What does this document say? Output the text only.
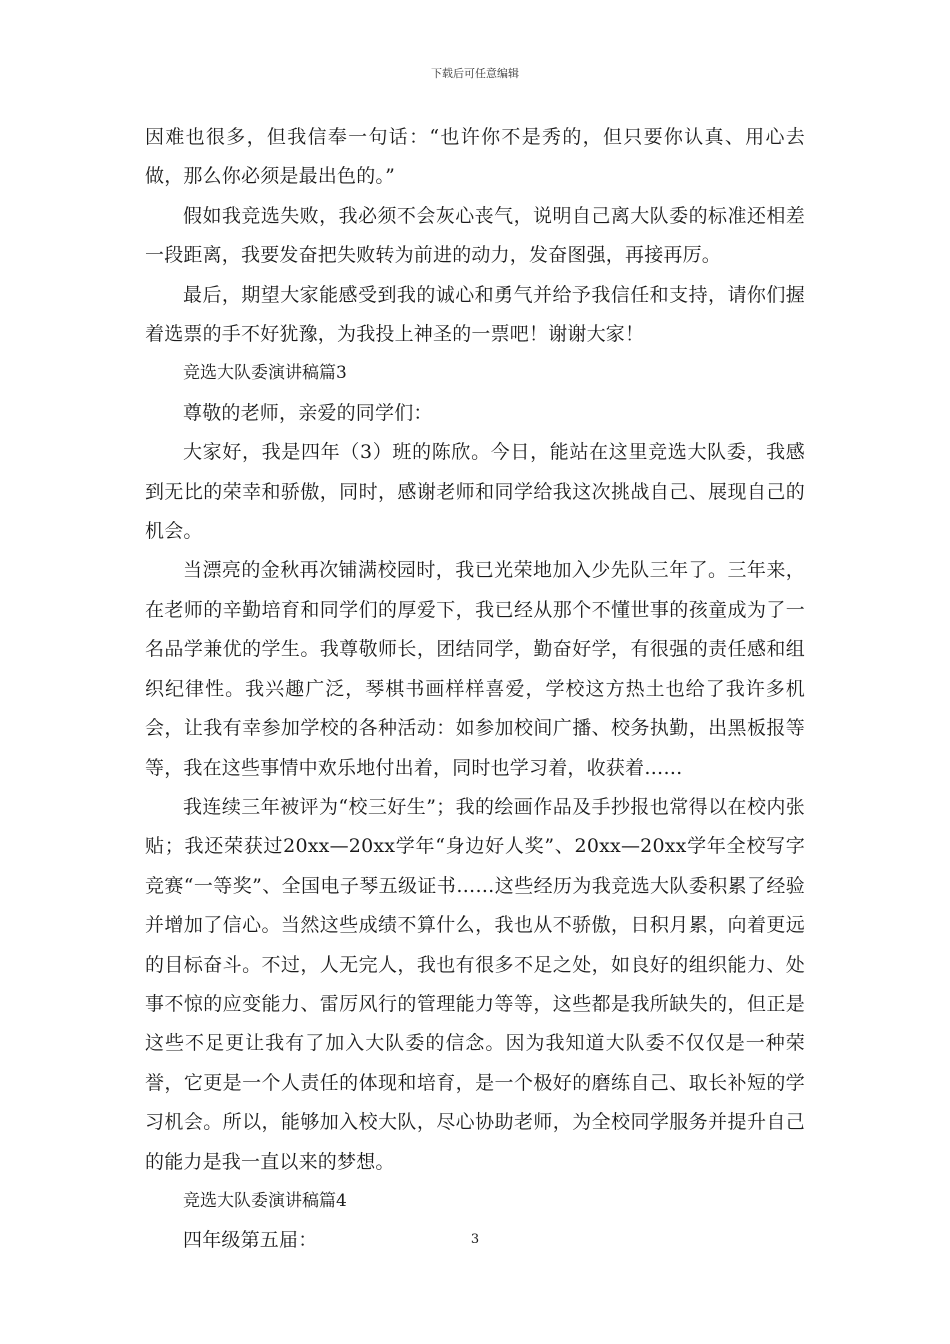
下载后可任意编辑

因难也很多，但我信奉一句话：“也许你不是秀的，但只要你认真、用心去做，那么你必须是最出色的。”

假如我竞选失败，我必须不会灰心丧气，说明自己离大队委的标准还相差一段距离，我要发奋把失败转为前进的动力，发奋图强，再接再厉。

最后，期望大家能感受到我的诚心和勇气并给予我信任和支持，请你们握着选票的手不好犹豫，为我投上神圣的一票吧！谢谢大家！

竞选大队委演讲稿篇3

尊敬的老师，亲爱的同学们：

大家好，我是四年（3）班的陈欣。今日，能站在这里竞选大队委，我感到无比的荣幸和骄傲，同时，感谢老师和同学给我这次挑战自己、展现自己的机会。

当漂亮的金秋再次铺满校园时，我已光荣地加入少先队三年了。三年来，在老师的辛勤培育和同学们的厚爱下，我已经从那个不懂世事的孩童成为了一名品学兼优的学生。我尊敬师长，团结同学，勤奋好学，有很强的责任感和组织纪律性。我兴趣广泛，琴棋书画样样喜爱，学校这方热土也给了我许多机会，让我有幸参加学校的各种活动：如参加校间广播、校务执勤，出黑板报等等，我在这些事情中欢乐地付出着，同时也学习着，收获着……

我连续三年被评为“校三好生”；我的绘画作品及手抄报也常得以在校内张贴；我还荣获过20xx—20xx学年“身边好人奖”、20xx—20xx学年全校写字竞赛“一等奖”、全国电子琴五级证书……这些经历为我竞选大队委积累了经验并增加了信心。当然这些成绩不算什么，我也从不骄傲，日积月累，向着更远的目标奋斗。不过，人无完人，我也有很多不足之处，如良好的组织能力、处事不惊的应变能力、雷厉风行的管理能力等等，这些都是我所缺失的，但正是这些不足更让我有了加入大队委的信念。因为我知道大队委不仅仅是一种荣誉，它更是一个人责任的体现和培育，是一个极好的磨练自己、取长补短的学习机会。所以，能够加入校大队，尽心协助老师，为全校同学服务并提升自己的能力是我一直以来的梦想。

竞选大队委演讲稿篇4

四年级第五届：	3
